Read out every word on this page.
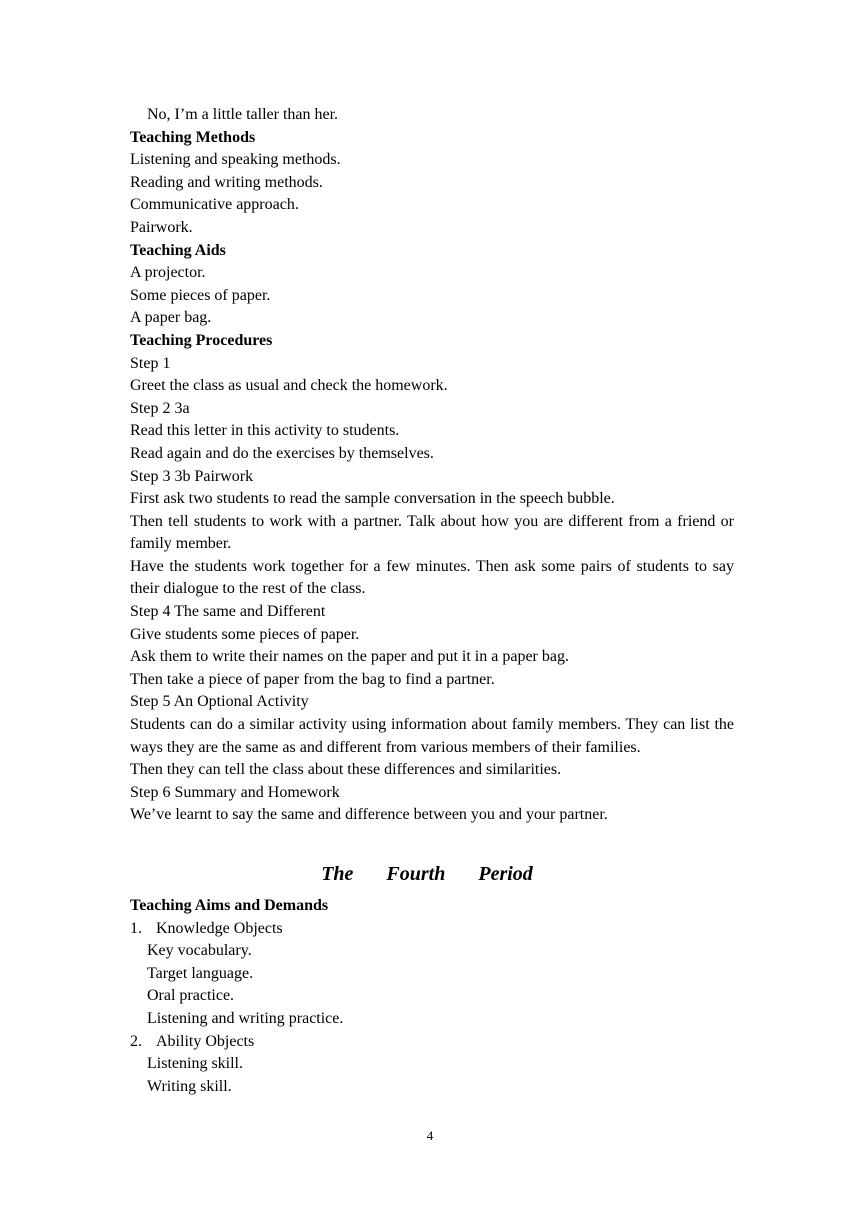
No, I’m a little taller than her.
Teaching Methods
Listening and speaking methods.
Reading and writing methods.
Communicative approach.
Pairwork.
Teaching Aids
A projector.
Some pieces of paper.
A paper bag.
Teaching Procedures
Step 1
Greet the class as usual and check the homework.
Step 2 3a
Read this letter in this activity to students.
Read again and do the exercises by themselves.
Step 3 3b Pairwork
First ask two students to read the sample conversation in the speech bubble.
Then tell students to work with a partner. Talk about how you are different from a friend or family member.
Have the students work together for a few minutes. Then ask some pairs of students to say their dialogue to the rest of the class.
Step 4 The same and Different
Give students some pieces of paper.
Ask them to write their names on the paper and put it in a paper bag.
Then take a piece of paper from the bag to find a partner.
Step 5 An Optional Activity
Students can do a similar activity using information about family members. They can list the ways they are the same as and different from various members of their families.
Then they can tell the class about these differences and similarities.
Step 6 Summary and Homework
We’ve learnt to say the same and difference between you and your partner.
The Fourth Period
Teaching Aims and Demands
1. Knowledge Objects
Key vocabulary.
Target language.
Oral practice.
Listening and writing practice.
2. Ability Objects
Listening skill.
Writing skill.
4
